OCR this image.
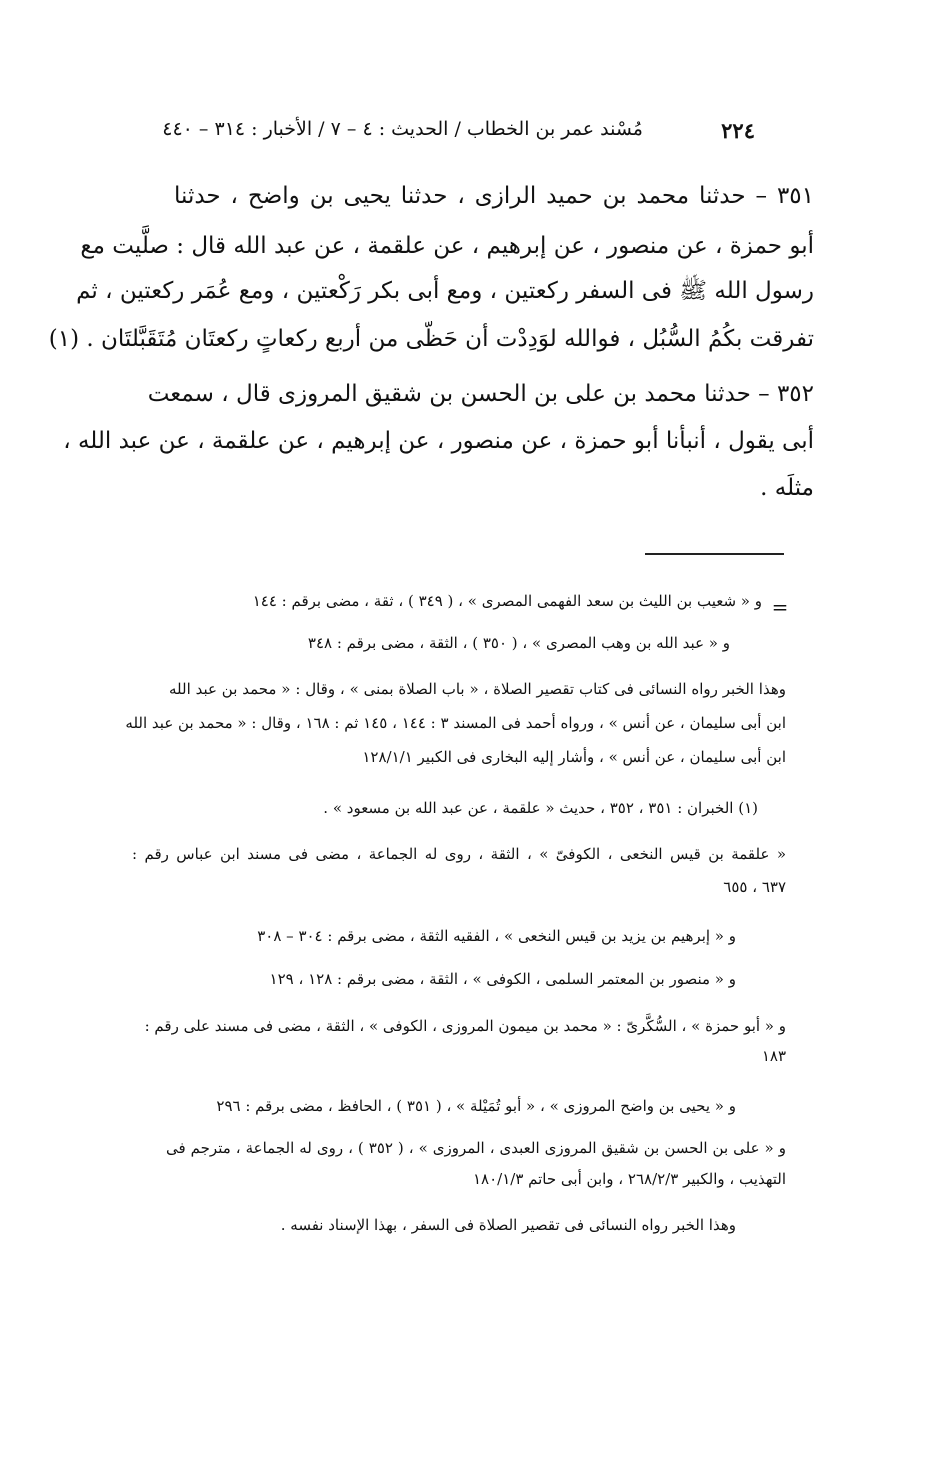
٢٢٤
مُسْند عمر بن الخطاب / الحديث : ٤ – ٧ / الأخبار : ٣١٤ – ٤٤٠
٣٥١ – حدثنا محمد بن حميد الرازى ، حدثنا يحيى بن واضح ، حدثنا
أبو حمزة ، عن منصور ، عن إبرهيم ، عن علقمة ، عن عبد الله قال : صلَّيت مع
رسول الله ﷺ فى السفر ركعتين ، ومع أبى بكر رَكْعتين ، ومع عُمَر ركعتين ، ثم
تفرقت بكُمُ السُّبُل ، فوالله لوَدِدْت أن حَظّى من أربع ركعاتٍ ركعتَان مُتَقَبَّلتَان . (١)
٣٥٢ – حدثنا محمد بن على بن الحسن بن شقيق المروزى قال ، سمعت
أبى يقول ، أنبأنا أبو حمزة ، عن منصور ، عن إبرهيم ، عن علقمة ، عن عبد الله ،
مثلَه .
=
و « شعيب بن الليث بن سعد الفهمى المصرى » ، ( ٣٤٩ ) ، ثقة ، مضى برقم : ١٤٤
و « عبد الله بن وهب المصرى » ، ( ٣٥٠ ) ، الثقة ، مضى برقم : ٣٤٨
وهذا الخبر رواه النسائى فى كتاب تقصير الصلاة ، « باب الصلاة بمنى » ، وقال : « محمد بن عبد الله
ابن أبى سليمان ، عن أنس » ، ورواه أحمد فى المسند ٣ : ١٤٤ ، ١٤٥ ثم : ١٦٨ ، وقال : « محمد بن عبد الله
ابن أبى سليمان ، عن أنس » ، وأشار إليه البخارى فى الكبير ١٢٨/١/١
(١) الخبران : ٣٥١ ، ٣٥٢ ، حديث « علقمة ، عن عبد الله بن مسعود » .
« علقمة بن قيس النخعى ، الكوفىّ » ، الثقة ، روى له الجماعة ، مضى فى مسند ابن عباس رقم :
٦٣٧ ، ٦٥٥
و « إبرهيم بن يزيد بن قيس النخعى » ، الفقيه الثقة ، مضى برقم : ٣٠٤ – ٣٠٨
و « منصور بن المعتمر السلمى ، الكوفى » ، الثقة ، مضى برقم : ١٢٨ ، ١٢٩
و « أبو حمزة » ، السُّكَّرىّ : « محمد بن ميمون المروزى ، الكوفى » ، الثقة ، مضى فى مسند على رقم :
١٨٣
و « يحيى بن واضح المروزى » ، « أبو تُمَيْلة » ، ( ٣٥١ ) ، الحافظ ، مضى برقم : ٢٩٦
و « على بن الحسن بن شقيق المروزى العبدى ، المروزى » ، ( ٣٥٢ ) ، روى له الجماعة ، مترجم فى
التهذيب ، والكبير ٢٦٨/٢/٣ ، وابن أبى حاتم ١٨٠/١/٣
وهذا الخبر رواه النسائى فى تقصير الصلاة فى السفر ، بهذا الإسناد نفسه .
